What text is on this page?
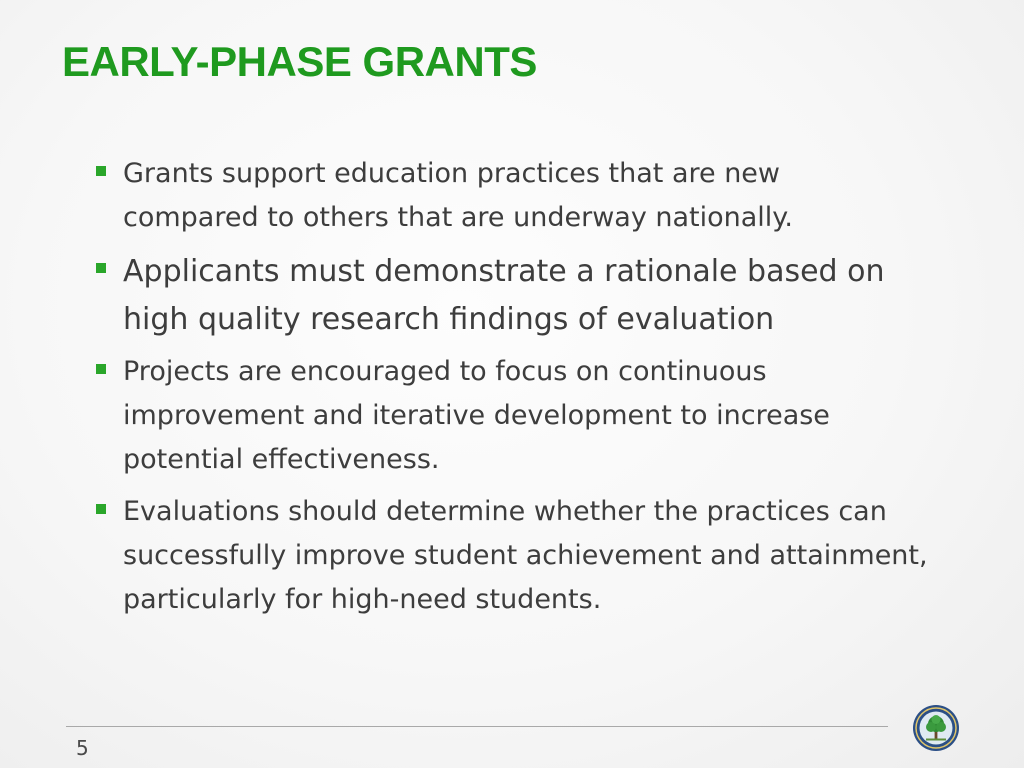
EARLY-PHASE GRANTS
Grants support education practices that are new
compared to others that are underway nationally.
Applicants must demonstrate a rationale based on
high quality research findings of evaluation
Projects are encouraged to focus on continuous
improvement and iterative development to increase
potential effectiveness.
Evaluations should determine whether the practices can
successfully improve student achievement and attainment,
particularly for high-need students.
5
